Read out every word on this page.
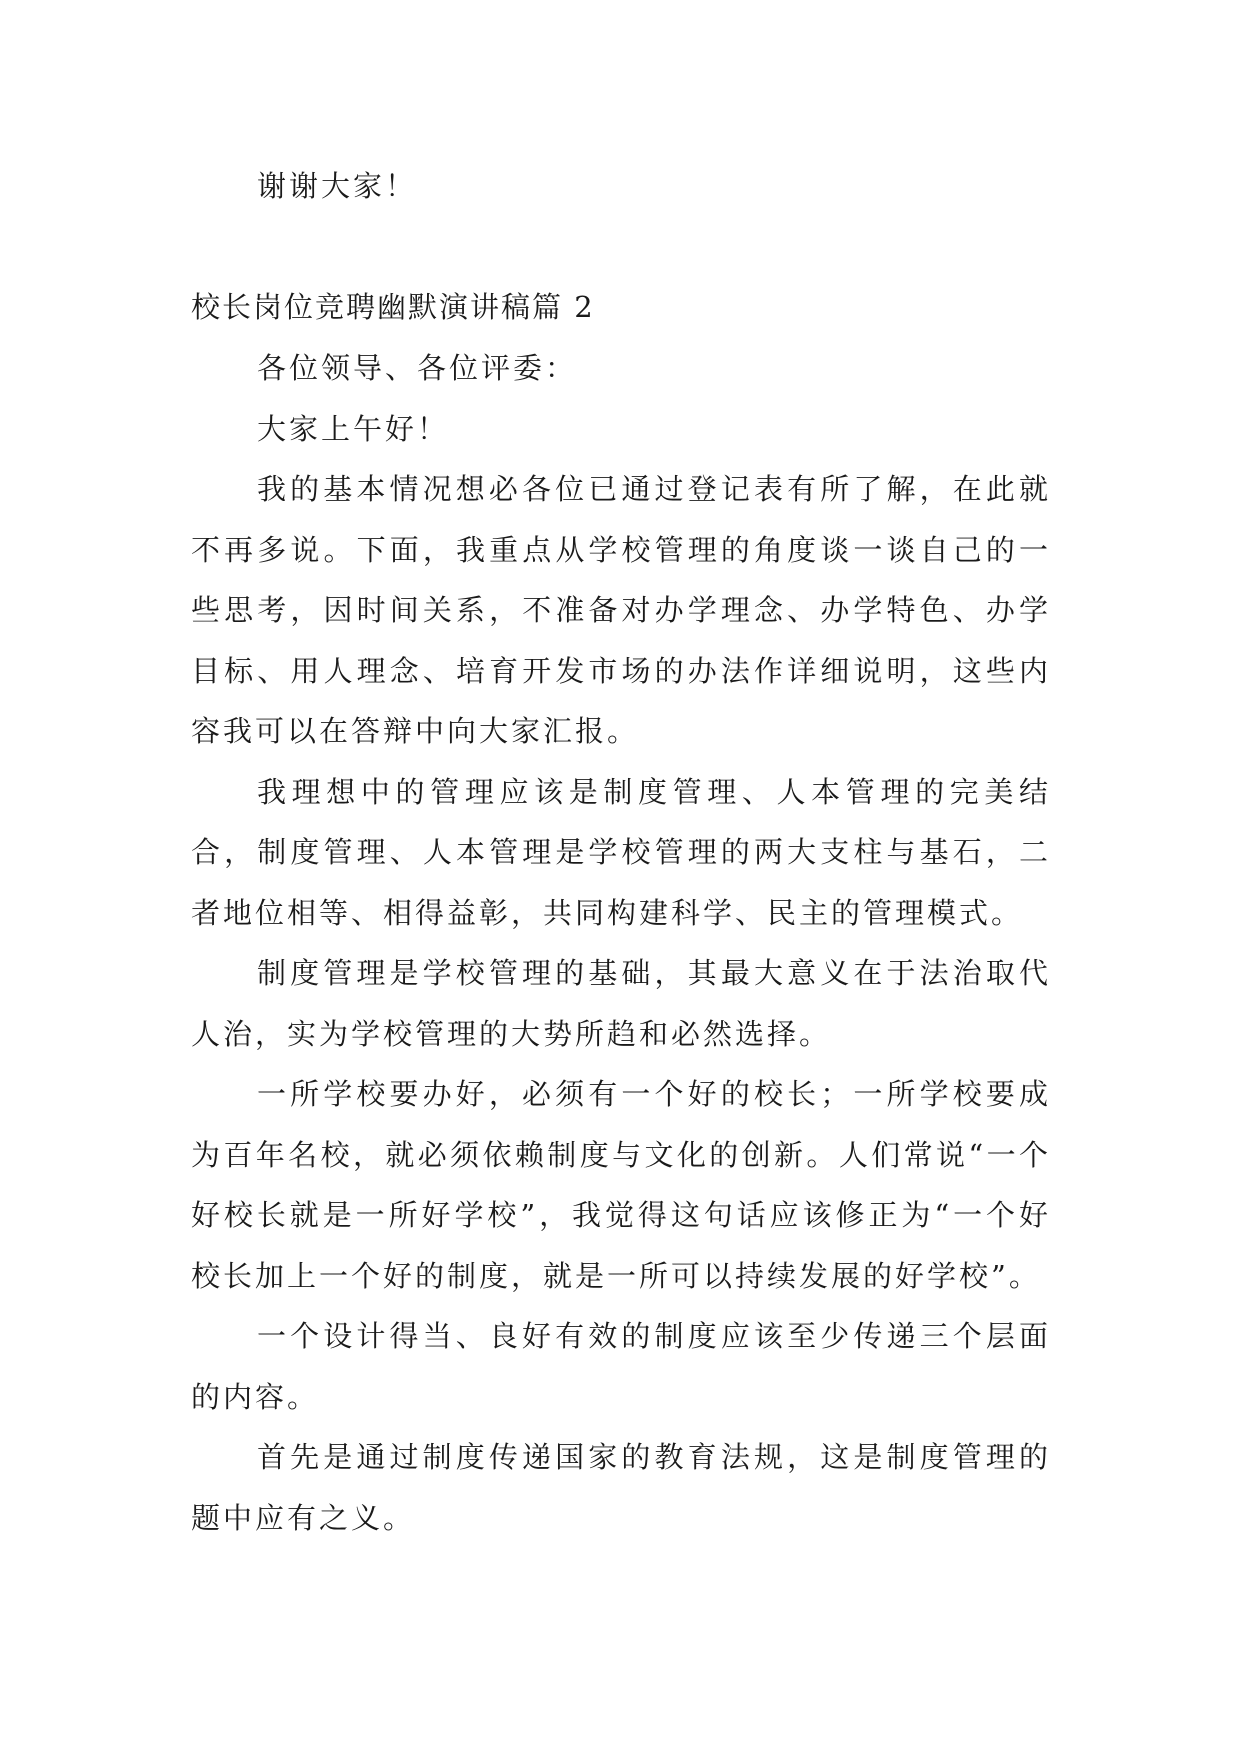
谢谢大家！
校长岗位竞聘幽默演讲稿篇 2

各位领导、各位评委：

大家上午好！

我的基本情况想必各位已通过登记表有所了解，在此就不再多说。下面，我重点从学校管理的角度谈一谈自己的一些思考，因时间关系，不准备对办学理念、办学特色、办学目标、用人理念、培育开发市场的办法作详细说明，这些内容我可以在答辩中向大家汇报。

我理想中的管理应该是制度管理、人本管理的完美结合，制度管理、人本管理是学校管理的两大支柱与基石，二者地位相等、相得益彰，共同构建科学、民主的管理模式。

制度管理是学校管理的基础，其最大意义在于法治取代人治，实为学校管理的大势所趋和必然选择。

一所学校要办好，必须有一个好的校长；一所学校要成为百年名校，就必须依赖制度与文化的创新。人们常说“一个好校长就是一所好学校”，我觉得这句话应该修正为“一个好校长加上一个好的制度，就是一所可以持续发展的好学校”。

一个设计得当、良好有效的制度应该至少传递三个层面的内容。

首先是通过制度传递国家的教育法规，这是制度管理的题中应有之义。
